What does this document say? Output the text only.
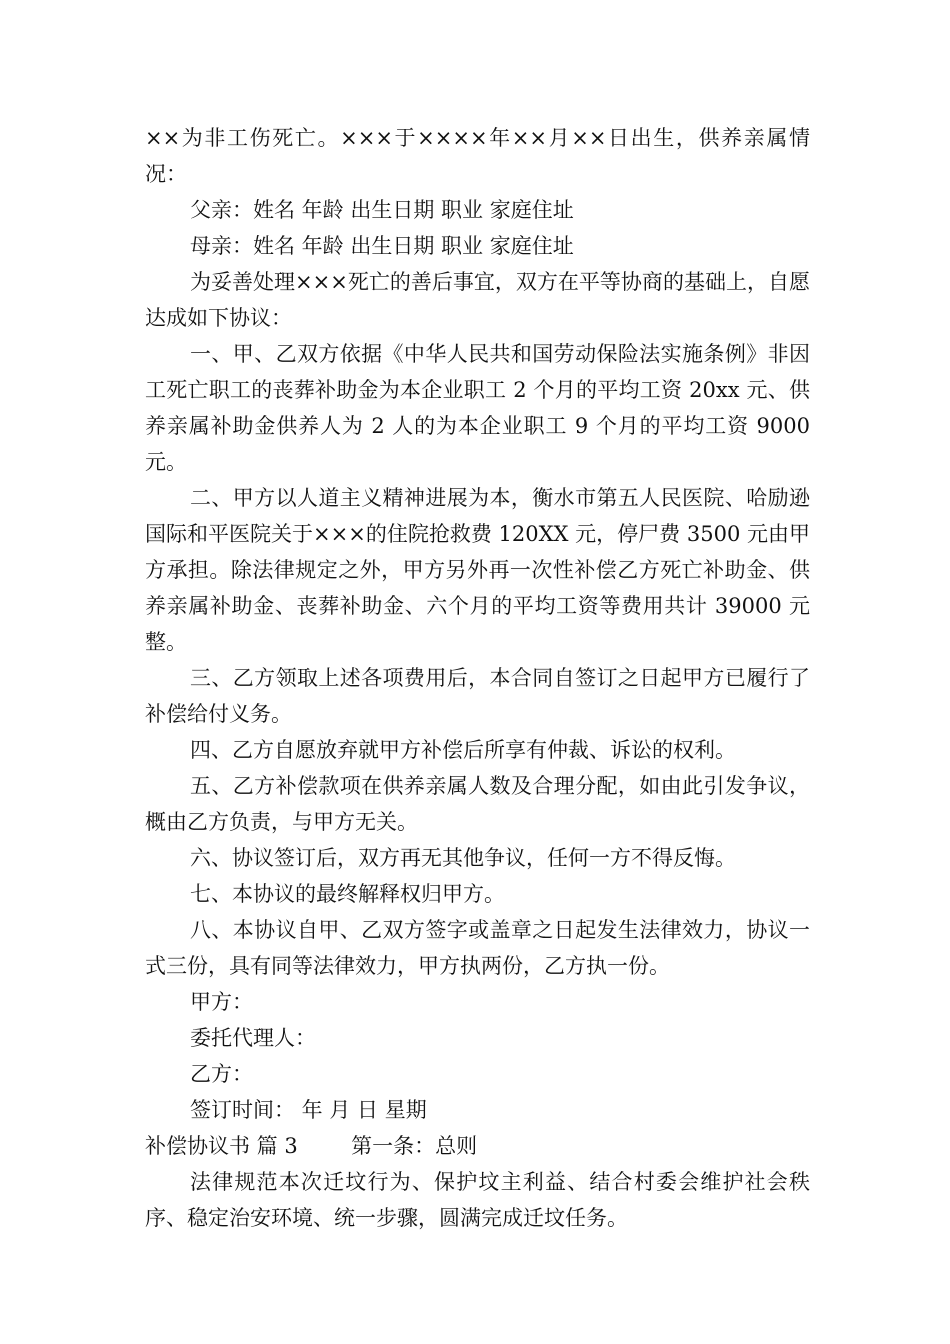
××为非工伤死亡。×××于××××年××月××日出生，供养亲属情况：

父亲：姓名 年龄 出生日期 职业 家庭住址

母亲：姓名 年龄 出生日期 职业 家庭住址

为妥善处理×××死亡的善后事宜，双方在平等协商的基础上，自愿达成如下协议：

一、甲、乙双方依据《中华人民共和国劳动保险法实施条例》非因工死亡职工的丧葬补助金为本企业职工 2 个月的平均工资 20xx 元、供养亲属补助金供养人为 2 人的为本企业职工 9 个月的平均工资 9000 元。

二、甲方以人道主义精神进展为本，衡水市第五人民医院、哈励逊国际和平医院关于×××的住院抢救费 120XX 元，停尸费 3500 元由甲方承担。除法律规定之外，甲方另外再一次性补偿乙方死亡补助金、供养亲属补助金、丧葬补助金、六个月的平均工资等费用共计 39000 元整。

三、乙方领取上述各项费用后，本合同自签订之日起甲方已履行了补偿给付义务。

四、乙方自愿放弃就甲方补偿后所享有仲裁、诉讼的权利。

五、乙方补偿款项在供养亲属人数及合理分配，如由此引发争议，概由乙方负责，与甲方无关。

六、协议签订后，双方再无其他争议，任何一方不得反悔。

七、本协议的最终解释权归甲方。

八、本协议自甲、乙双方签字或盖章之日起发生法律效力，协议一式三份，具有同等法律效力，甲方执两份，乙方执一份。

甲方：

委托代理人：

乙方：

签订时间： 年 月 日 星期

补偿协议书 篇 3	第一条：总则

法律规范本次迁坟行为、保护坟主利益、结合村委会维护社会秩序、稳定治安环境、统一步骤，圆满完成迁坟任务。
